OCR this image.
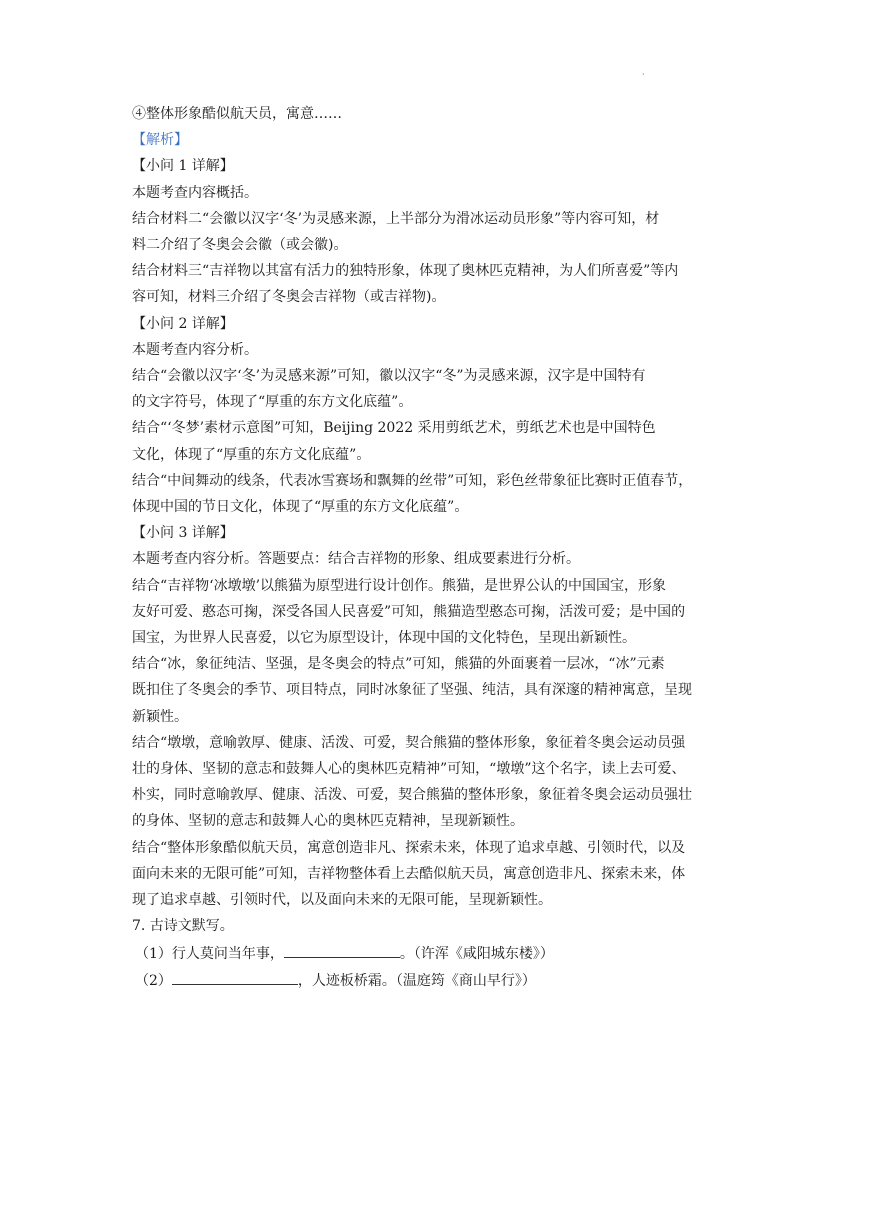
·

④整体形象酷似航天员，寓意……

【解析】

【小问 1 详解】

本题考查内容概括。

结合材料二“会徽以汉字‘冬’为灵感来源，上半部分为滑冰运动员形象”等内容可知，材

料二介绍了冬奥会会徽（或会徽)。

结合材料三“吉祥物以其富有活力的独特形象，体现了奥林匹克精神，为人们所喜爱”等内

容可知，材料三介绍了冬奥会吉祥物（或吉祥物)。

【小问 2 详解】

本题考查内容分析。

结合“会徽以汉字‘冬’为灵感来源”可知，徽以汉字“冬”为灵感来源，汉字是中国特有

的文字符号，体现了“厚重的东方文化底蕴”。

结合“‘冬梦’素材示意图”可知，Beijing 2022 采用剪纸艺术，剪纸艺术也是中国特色

文化，体现了“厚重的东方文化底蕴”。

结合“中间舞动的线条，代表冰雪赛场和飘舞的丝带”可知，彩色丝带象征比赛时正值春节，

体现中国的节日文化，体现了“厚重的东方文化底蕴”。

【小问 3 详解】

本题考查内容分析。答题要点：结合吉祥物的形象、组成要素进行分析。

结合“吉祥物‘冰墩墩’以熊猫为原型进行设计创作。熊猫，是世界公认的中国国宝，形象

友好可爱、憨态可掬，深受各国人民喜爱”可知，熊猫造型憨态可掬，活泼可爱；是中国的

国宝，为世界人民喜爱，以它为原型设计，体现中国的文化特色，呈现出新颖性。

结合“冰，象征纯洁、坚强，是冬奥会的特点”可知，熊猫的外面裹着一层冰，“冰”元素

既扣住了冬奥会的季节、项目特点，同时冰象征了坚强、纯洁，具有深邃的精神寓意，呈现

新颖性。

结合“墩墩，意喻敦厚、健康、活泼、可爱，契合熊猫的整体形象，象征着冬奥会运动员强

壮的身体、坚韧的意志和鼓舞人心的奥林匹克精神”可知，“墩墩”这个名字，读上去可爱、

朴实，同时意喻敦厚、健康、活泼、可爱，契合熊猫的整体形象，象征着冬奥会运动员强壮

的身体、坚韧的意志和鼓舞人心的奥林匹克精神，呈现新颖性。

结合“整体形象酷似航天员，寓意创造非凡、探索未来，体现了追求卓越、引领时代，以及

面向未来的无限可能”可知，吉祥物整体看上去酷似航天员，寓意创造非凡、探索未来，体

现了追求卓越、引领时代，以及面向未来的无限可能，呈现新颖性。

7. 古诗文默写。

（1）行人莫问当年事，	。（许浑《咸阳城东楼》）

（2）	，人迹板桥霜。（温庭筠《商山早行》）
